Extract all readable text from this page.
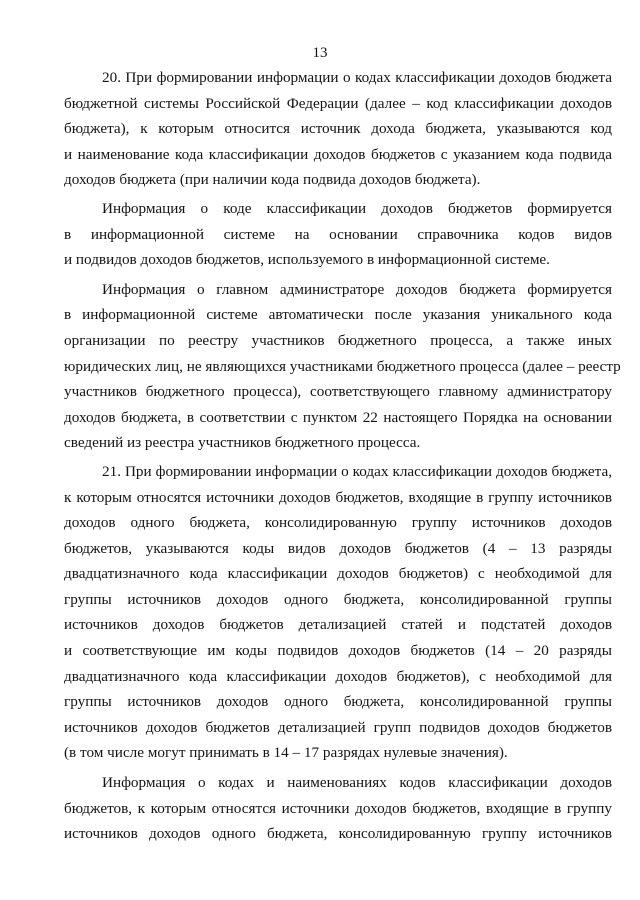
13

20. При формировании информации о кодах классификации доходов бюджета
бюджетной системы Российской Федерации (далее – код классификации доходов
бюджета), к которым относится источник дохода бюджета, указываются код
и наименование кода классификации доходов бюджетов с указанием кода подвида
доходов бюджета (при наличии кода подвида доходов бюджета).

Информация о коде классификации доходов бюджетов формируется
в информационной системе на основании справочника кодов видов
и подвидов доходов бюджетов, используемого в информационной системе.

Информация о главном администраторе доходов бюджета формируется
в информационной системе автоматически после указания уникального кода
организации по реестру участников бюджетного процесса, а также иных
юридических лиц, не являющихся участниками бюджетного процесса (далее – реестр
участников бюджетного процесса), соответствующего главному администратору
доходов бюджета, в соответствии с пунктом 22 настоящего Порядка на основании
сведений из реестра участников бюджетного процесса.

21. При формировании информации о кодах классификации доходов бюджета,
к которым относятся источники доходов бюджетов, входящие в группу источников
доходов одного бюджета, консолидированную группу источников доходов
бюджетов, указываются коды видов доходов бюджетов (4 – 13 разряды
двадцатизначного кода классификации доходов бюджетов) с необходимой для
группы источников доходов одного бюджета, консолидированной группы
источников доходов бюджетов детализацией статей и подстатей доходов
и соответствующие им коды подвидов доходов бюджетов (14 – 20 разряды
двадцатизначного кода классификации доходов бюджетов), с необходимой для
группы источников доходов одного бюджета, консолидированной группы
источников доходов бюджетов детализацией групп подвидов доходов бюджетов
(в том числе могут принимать в 14 – 17 разрядах нулевые значения).

Информация о кодах и наименованиях кодов классификации доходов
бюджетов, к которым относятся источники доходов бюджетов, входящие в группу
источников доходов одного бюджета, консолидированную группу источников
